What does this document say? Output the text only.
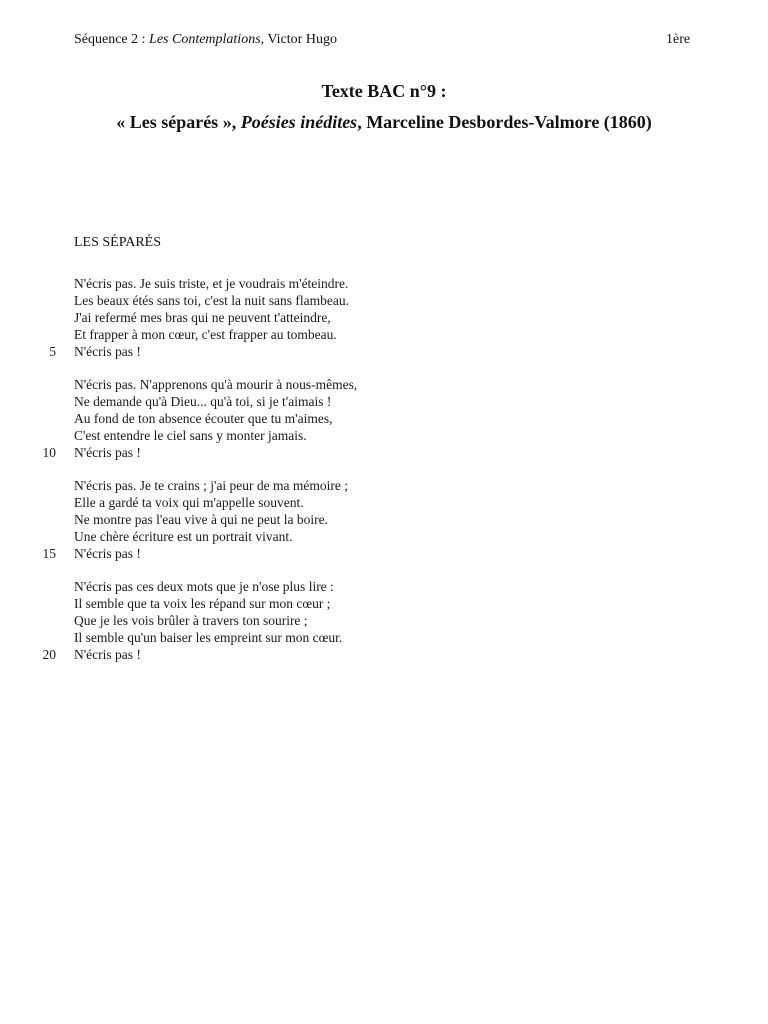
Séquence 2 : Les Contemplations, Victor Hugo	1ère
Texte BAC n°9 :
« Les séparés », Poésies inédites, Marceline Desbordes-Valmore (1860)
LES SÉPARÉS
N'écris pas. Je suis triste, et je voudrais m'éteindre.
Les beaux étés sans toi, c'est la nuit sans flambeau.
J'ai refermé mes bras qui ne peuvent t'atteindre,
Et frapper à mon cœur, c'est frapper au tombeau.
5 N'écris pas !
N'écris pas. N'apprenons qu'à mourir à nous-mêmes,
Ne demande qu'à Dieu... qu'à toi, si je t'aimais !
Au fond de ton absence écouter que tu m'aimes,
C'est entendre le ciel sans y monter jamais.
10 N'écris pas !
N'écris pas. Je te crains ; j'ai peur de ma mémoire ;
Elle a gardé ta voix qui m'appelle souvent.
Ne montre pas l'eau vive à qui ne peut la boire.
Une chère écriture est un portrait vivant.
15 N'écris pas !
N'écris pas ces deux mots que je n'ose plus lire :
Il semble que ta voix les répand sur mon cœur ;
Que je les vois brûler à travers ton sourire ;
Il semble qu'un baiser les empreint sur mon cœur.
20 N'écris pas !
